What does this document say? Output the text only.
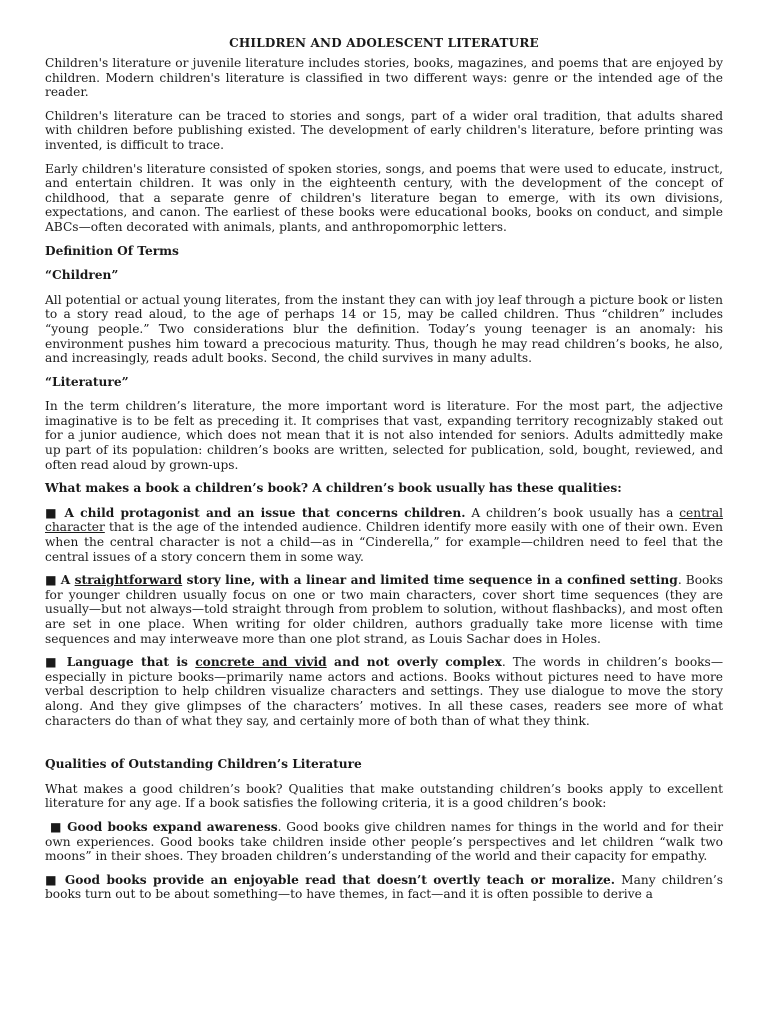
CHILDREN AND ADOLESCENT LITERATURE

Children's literature or juvenile literature includes stories, books, magazines, and poems that are enjoyed by children. Modern children's literature is classified in two different ways: genre or the intended age of the reader.

Children's literature can be traced to stories and songs, part of a wider oral tradition, that adults shared with children before publishing existed. The development of early children's literature, before printing was invented, is difficult to trace.

Early children's literature consisted of spoken stories, songs, and poems that were used to educate, instruct, and entertain children. It was only in the eighteenth century, with the development of the concept of childhood, that a separate genre of children's literature began to emerge, with its own divisions, expectations, and canon. The earliest of these books were educational books, books on conduct, and simple ABCs—often decorated with animals, plants, and anthropomorphic letters.

Definition Of Terms
“Children”

All potential or actual young literates, from the instant they can with joy leaf through a picture book or listen to a story read aloud, to the age of perhaps 14 or 15, may be called children. Thus “children” includes “young people.” Two considerations blur the definition. Today’s young teenager is an anomaly: his environment pushes him toward a precocious maturity. Thus, though he may read children’s books, he also, and increasingly, reads adult books. Second, the child survives in many adults.

“Literature”

In the term children’s literature, the more important word is literature. For the most part, the adjective imaginative is to be felt as preceding it. It comprises that vast, expanding territory recognizably staked out for a junior audience, which does not mean that it is not also intended for seniors. Adults admittedly make up part of its population: children’s books are written, selected for publication, sold, bought, reviewed, and often read aloud by grown-ups.

What makes a book a children’s book? A children’s book usually has these qualities:

■ A child protagonist and an issue that concerns children. A children’s book usually has a central character that is the age of the intended audience. Children identify more easily with one of their own. Even when the central character is not a child—as in “Cinderella,” for example—children need to feel that the central issues of a story concern them in some way.

■ A straightforward story line, with a linear and limited time sequence in a confined setting. Books for younger children usually focus on one or two main characters, cover short time sequences (they are usually—but not always—told straight through from problem to solution, without flashbacks), and most often are set in one place. When writing for older children, authors gradually take more license with time sequences and may interweave more than one plot strand, as Louis Sachar does in Holes.

■ Language that is concrete and vivid and not overly complex. The words in children’s books—especially in picture books—primarily name actors and actions. Books without pictures need to have more verbal description to help children visualize characters and settings. They use dialogue to move the story along. And they give glimpses of the characters’ motives. In all these cases, readers see more of what characters do than of what they say, and certainly more of both than of what they think.

Qualities of Outstanding Children’s Literature

What makes a good children’s book? Qualities that make outstanding children’s books apply to excellent literature for any age. If a book satisfies the following criteria, it is a good children’s book:

■ Good books expand awareness. Good books give children names for things in the world and for their own experiences. Good books take children inside other people’s perspectives and let children “walk two moons” in their shoes. They broaden children’s understanding of the world and their capacity for empathy.

■ Good books provide an enjoyable read that doesn’t overtly teach or moralize. Many children’s books turn out to be about something—to have themes, in fact—and it is often possible to derive a
